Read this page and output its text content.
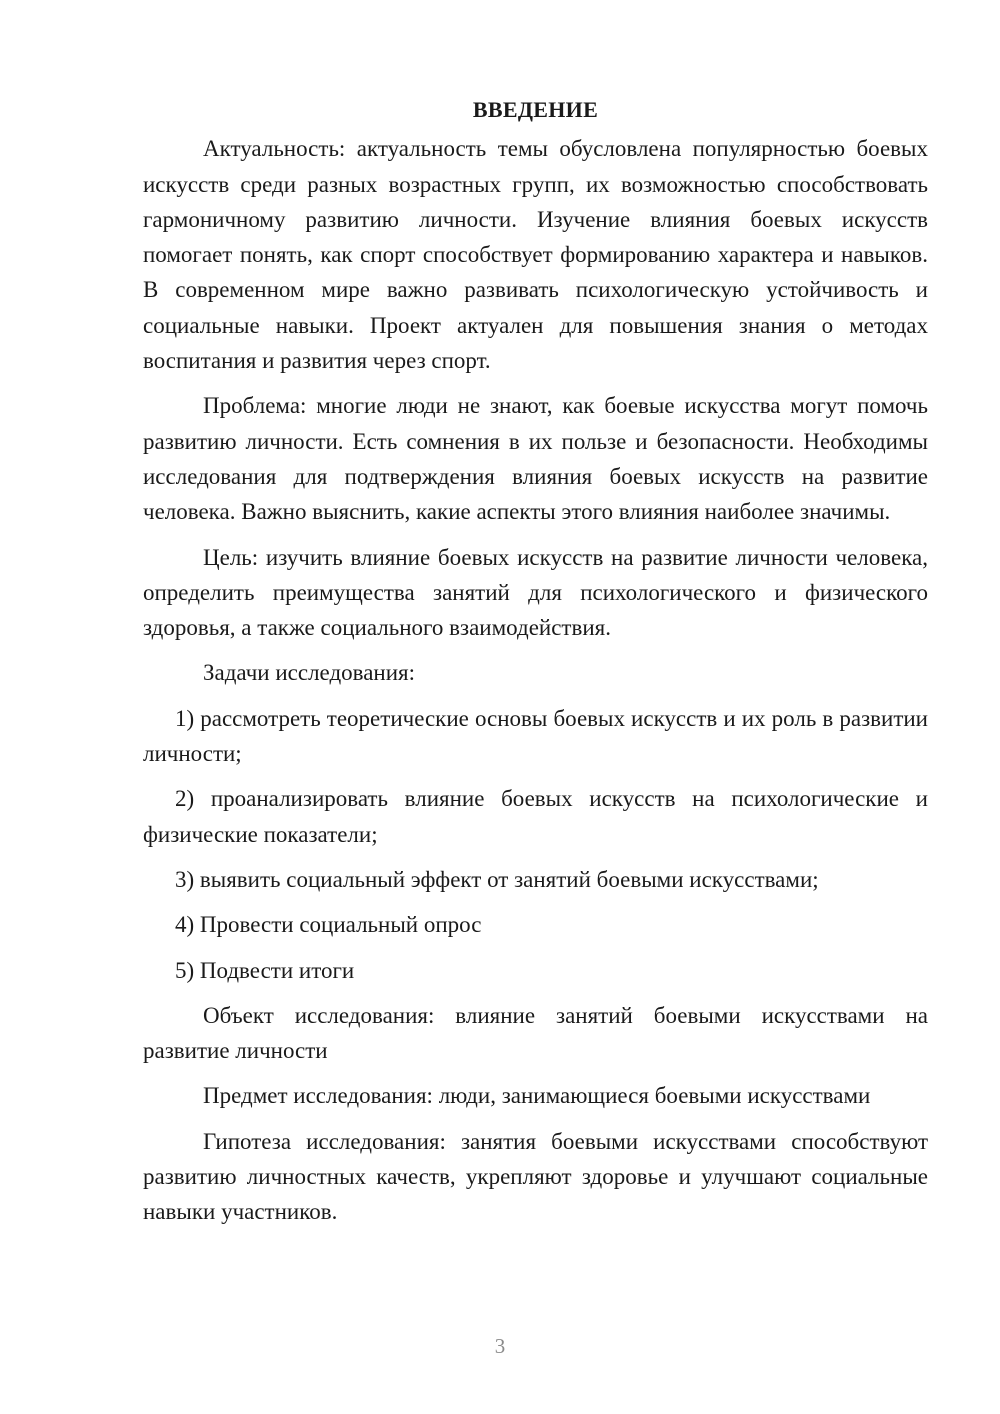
ВВЕДЕНИЕ

Актуальность: актуальность темы обусловлена популярностью боевых искусств среди разных возрастных групп, их возможностью способствовать гармоничному развитию личности. Изучение влияния боевых искусств помогает понять, как спорт способствует формированию характера и навыков. В современном мире важно развивать психологическую устойчивость и социальные навыки. Проект актуален для повышения знания о методах воспитания и развития через спорт.

Проблема: многие люди не знают, как боевые искусства могут помочь развитию личности. Есть сомнения в их пользе и безопасности. Необходимы исследования для подтверждения влияния боевых искусств на развитие человека. Важно выяснить, какие аспекты этого влияния наиболее значимы.

Цель: изучить влияние боевых искусств на развитие личности человека, определить преимущества занятий для психологического и физического здоровья, а также социального взаимодействия.

Задачи исследования:

1) рассмотреть теоретические основы боевых искусств и их роль в развитии личности;

2) проанализировать влияние боевых искусств на психологические и физические показатели;

3) выявить социальный эффект от занятий боевыми искусствами;

4) Провести социальный опрос

5) Подвести итоги

Объект исследования: влияние занятий боевыми искусствами на развитие личности

Предмет исследования: люди, занимающиеся боевыми искусствами

Гипотеза исследования: занятия боевыми искусствами способствуют развитию личностных качеств, укрепляют здоровье и улучшают социальные навыки участников.

3
